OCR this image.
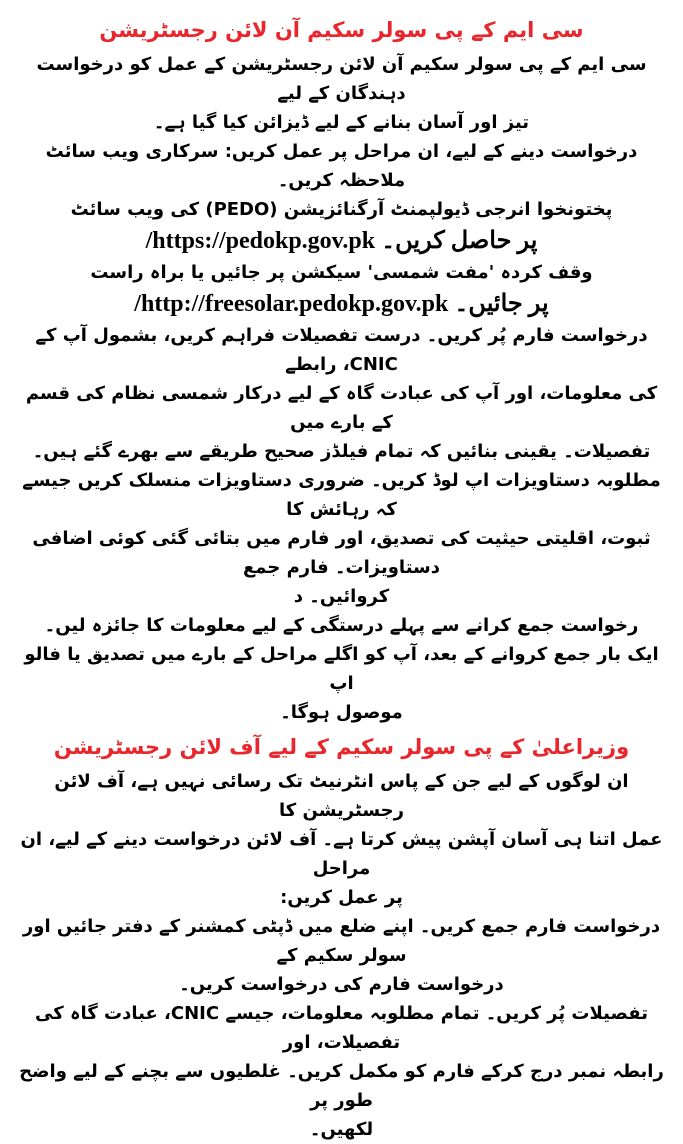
سی ایم کے پی سولر سکیم آن لائن رجسٹریشن

سی ایم کے پی سولر سکیم آن لائن رجسٹریشن کے عمل کو درخواست دہندگان کے لیے

تیز اور آسان بنانے کے لیے ڈیزائن کیا گیا ہے۔

درخواست دینے کے لیے، ان مراحل پر عمل کریں: سرکاری ویب سائٹ ملاحظہ کریں۔

پختونخوا انرجی ڈیولپمنٹ آرگنائزیشن (PEDO) کی ویب سائٹ

/https://pedokp.gov.pk پر حاصل کریں۔

وقف کردہ 'مفت شمسی' سیکشن پر جائیں یا براہ راست

/http://freesolar.pedokp.gov.pk پر جائیں۔

درخواست فارم پُر کریں۔ درست تفصیلات فراہم کریں، بشمول آپ کے CNIC، رابطے

کی معلومات، اور آپ کی عبادت گاہ کے لیے درکار شمسی نظام کی قسم کے بارے میں

تفصیلات۔ یقینی بنائیں کہ تمام فیلڈز صحیح طریقے سے بھرے گئے ہیں۔

مطلوبہ دستاویزات اپ لوڈ کریں۔ ضروری دستاویزات منسلک کریں جیسے کہ رہائش کا

ثبوت، اقلیتی حیثیت کی تصدیق، اور فارم میں بتائی گئی کوئی اضافی دستاویزات۔ فارم جمع

کروائیں۔ د

رخواست جمع کرانے سے پہلے درستگی کے لیے معلومات کا جائزہ لیں۔

ایک بار جمع کروانے کے بعد، آپ کو اگلے مراحل کے بارے میں تصدیق یا فالو اپ

موصول ہوگا۔

وزیراعلیٰ کے پی سولر سکیم کے لیے آف لائن رجسٹریشن

ان لوگوں کے لیے جن کے پاس انٹرنیٹ تک رسائی نہیں ہے، آف لائن رجسٹریشن کا

عمل اتنا ہی آسان آپشن پیش کرتا ہے۔ آف لائن درخواست دینے کے لیے، ان مراحل

پر عمل کریں:

درخواست فارم جمع کریں۔ اپنے ضلع میں ڈپٹی کمشنر کے دفتر جائیں اور سولر سکیم کے

درخواست فارم کی درخواست کریں۔

تفصیلات پُر کریں۔ تمام مطلوبہ معلومات، جیسے CNIC، عبادت گاہ کی تفصیلات، اور

رابطہ نمبر درج کرکے فارم کو مکمل کریں۔ غلطیوں سے بچنے کے لیے واضح طور پر

لکھیں۔
